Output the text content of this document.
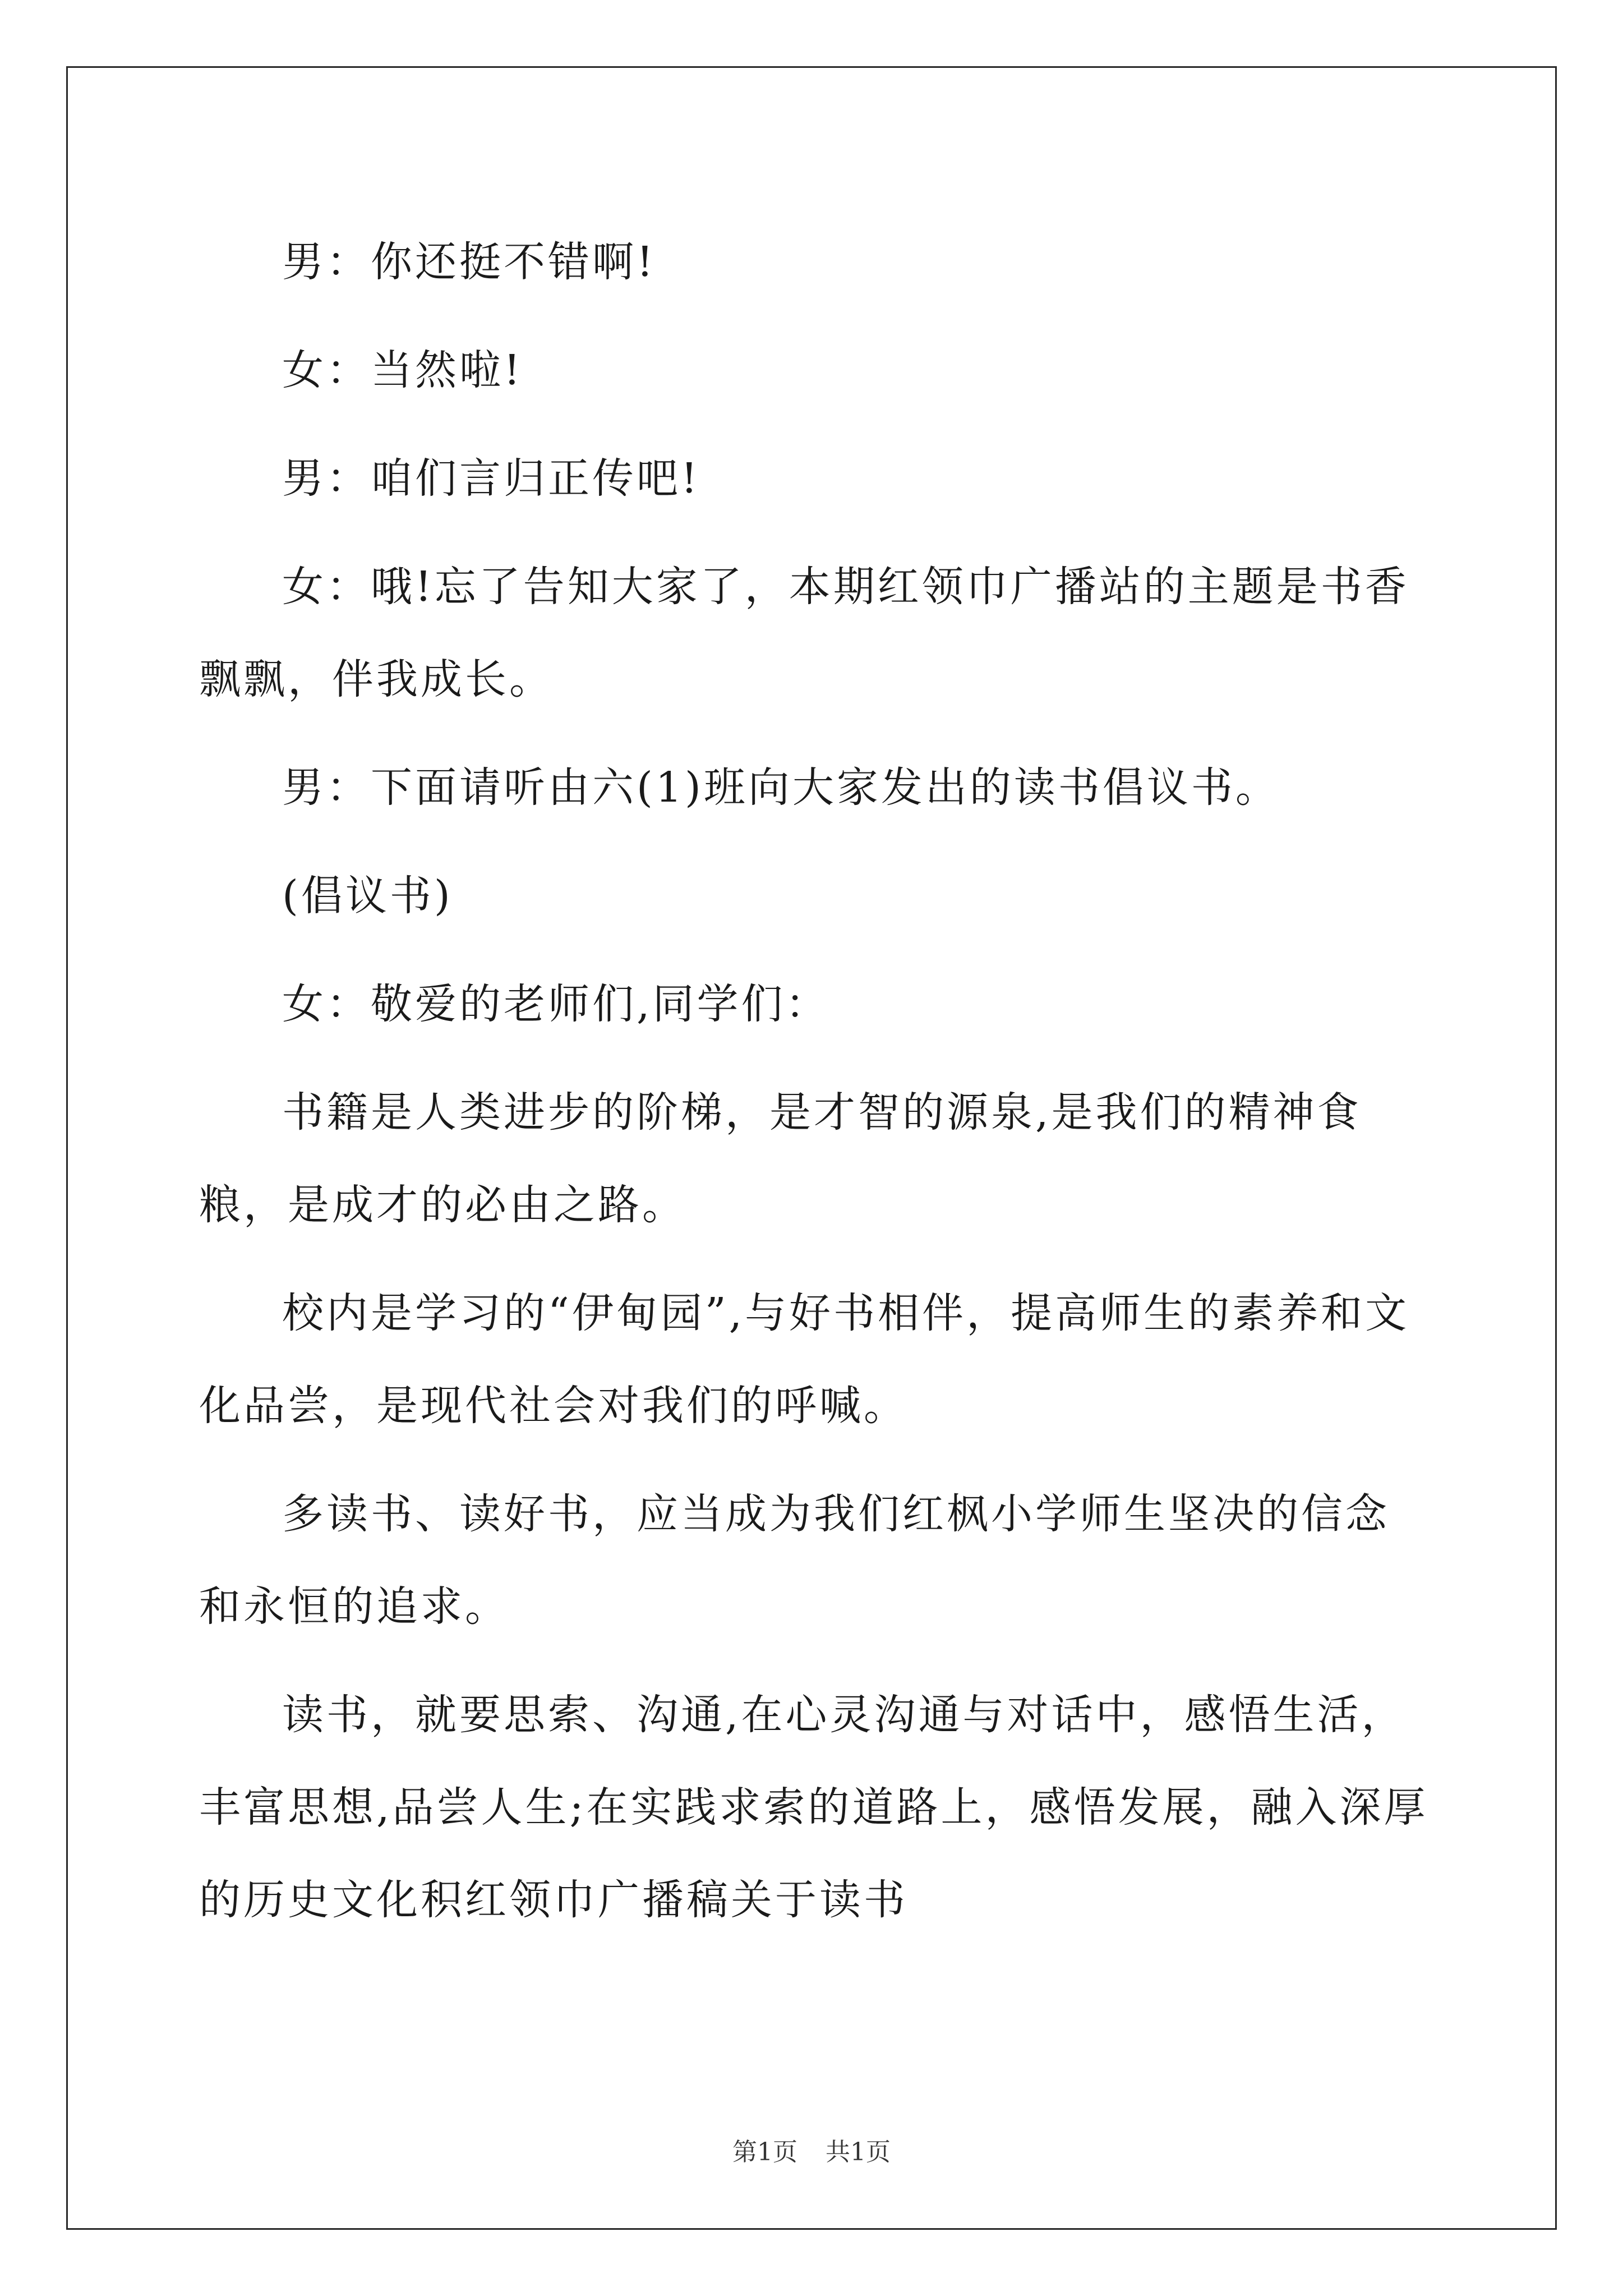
男：你还挺不错啊!

女：当然啦!

男：咱们言归正传吧!

女：哦!忘了告知大家了，本期红领巾广播站的主题是书香飘飘，伴我成长。

男：下面请听由六(1)班向大家发出的读书倡议书。

(倡议书)

女：敬爱的老师们,同学们：

书籍是人类进步的阶梯，是才智的源泉,是我们的精神食粮，是成才的必由之路。

校内是学习的“伊甸园”,与好书相伴，提高师生的素养和文化品尝，是现代社会对我们的呼喊。

多读书、读好书，应当成为我们红枫小学师生坚决的信念和永恒的追求。

读书，就要思索、沟通,在心灵沟通与对话中，感悟生活，丰富思想,品尝人生;在实践求索的道路上，感悟发展，融入深厚的历史文化积红领巾广播稿关于读书

第1页 共1页
